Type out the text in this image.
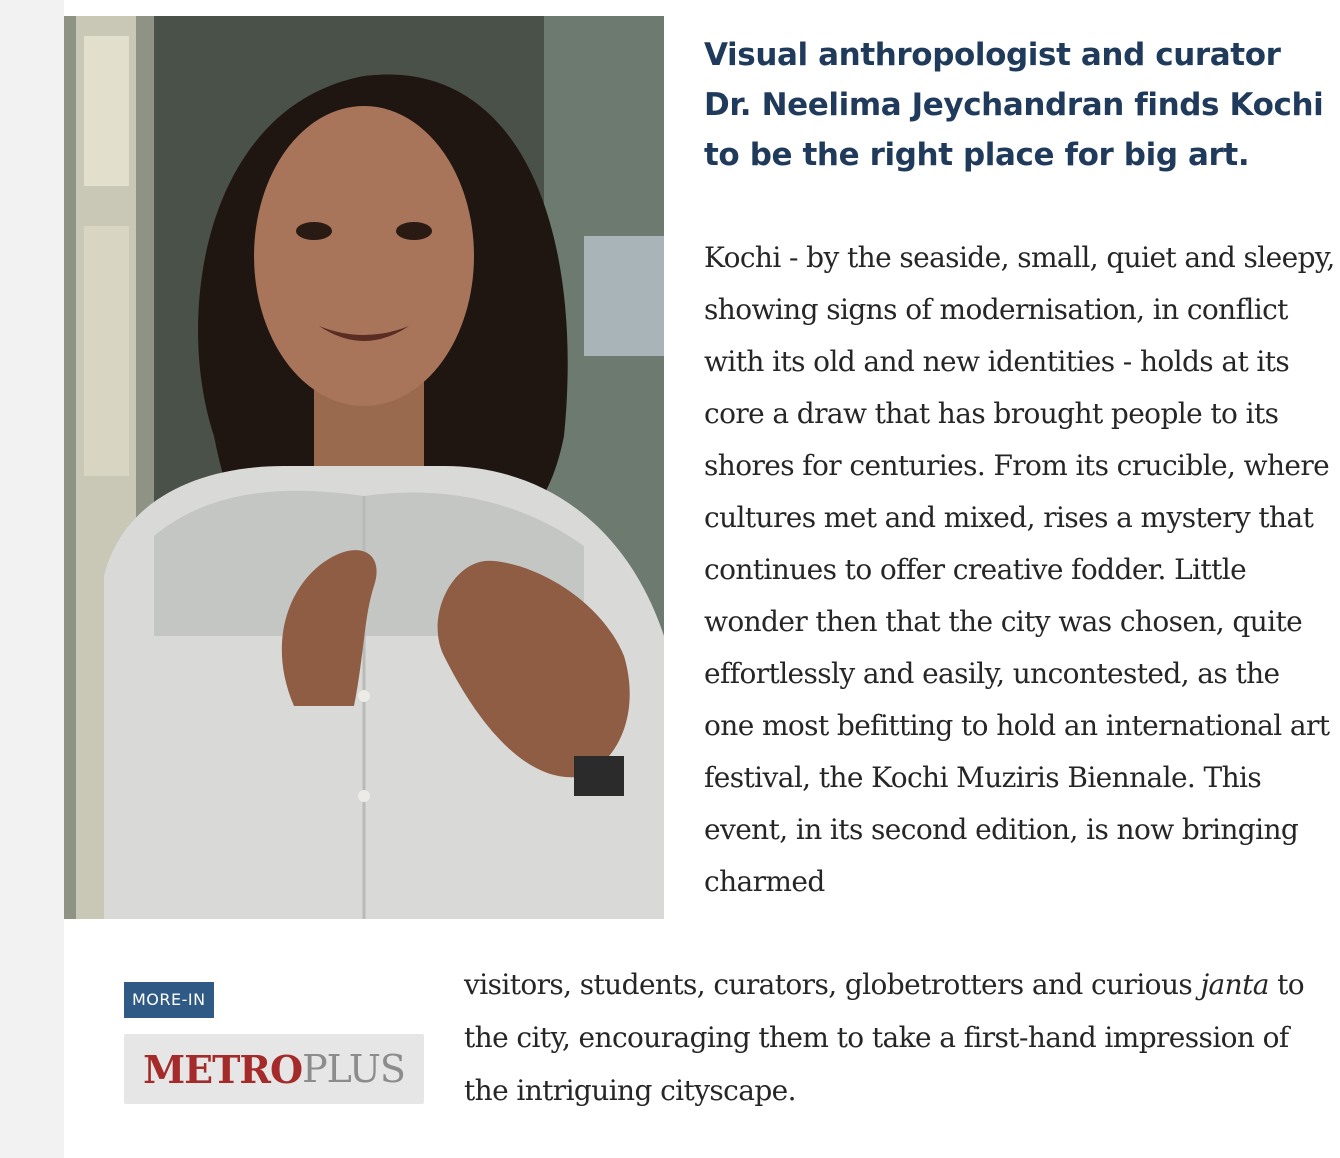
Visual anthropologist and curator Dr. Neelima Jeychandran finds Kochi to be the right place for big art.

Kochi - by the seaside, small, quiet and sleepy, showing signs of modernisation, in conflict with its old and new identities - holds at its core a draw that has brought people to its shores for centuries. From its crucible, where cultures met and mixed, rises a mystery that continues to offer creative fodder. Little wonder then that the city was chosen, quite effortlessly and easily, uncontested, as the one most befitting to hold an international art festival, the Kochi Muziris Biennale. This event, in its second edition, is now bringing charmed

visitors, students, curators, globetrotters and curious janta to the city, encouraging them to take a first-hand impression of the intriguing cityscape.

MORE-IN
METRO PLUS
